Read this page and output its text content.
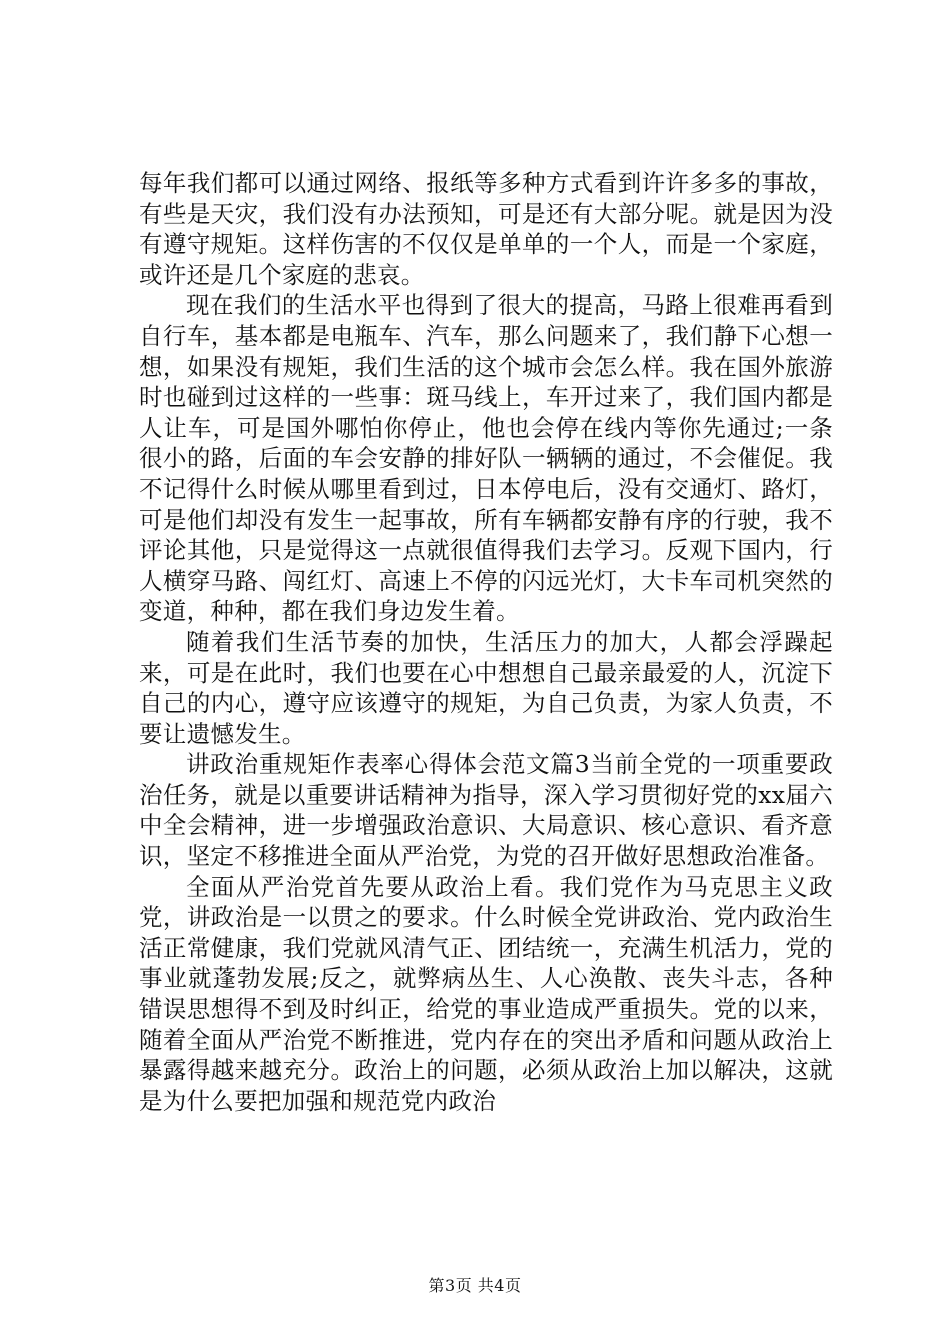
每年我们都可以通过网络、报纸等多种方式看到许许多多的事故，有些是天灾，我们没有办法预知，可是还有大部分呢。就是因为没有遵守规矩。这样伤害的不仅仅是单单的一个人，而是一个家庭，或许还是几个家庭的悲哀。

现在我们的生活水平也得到了很大的提高，马路上很难再看到自行车，基本都是电瓶车、汽车，那么问题来了，我们静下心想一想，如果没有规矩，我们生活的这个城市会怎么样。我在国外旅游时也碰到过这样的一些事：斑马线上，车开过来了，我们国内都是人让车，可是国外哪怕你停止，他也会停在线内等你先通过;一条很小的路，后面的车会安静的排好队一辆辆的通过，不会催促。我不记得什么时候从哪里看到过，日本停电后，没有交通灯、路灯，可是他们却没有发生一起事故，所有车辆都安静有序的行驶，我不评论其他，只是觉得这一点就很值得我们去学习。反观下国内，行人横穿马路、闯红灯、高速上不停的闪远光灯，大卡车司机突然的变道，种种，都在我们身边发生着。

随着我们生活节奏的加快，生活压力的加大，人都会浮躁起来，可是在此时，我们也要在心中想想自己最亲最爱的人，沉淀下自己的内心，遵守应该遵守的规矩，为自己负责，为家人负责，不要让遗憾发生。

讲政治重规矩作表率心得体会范文篇3当前全党的一项重要政治任务，就是以重要讲话精神为指导，深入学习贯彻好党的xx届六中全会精神，进一步增强政治意识、大局意识、核心意识、看齐意识，坚定不移推进全面从严治党，为党的召开做好思想政治准备。

全面从严治党首先要从政治上看。我们党作为马克思主义政党，讲政治是一以贯之的要求。什么时候全党讲政治、党内政治生活正常健康，我们党就风清气正、团结统一，充满生机活力，党的事业就蓬勃发展;反之，就弊病丛生、人心涣散、丧失斗志，各种错误思想得不到及时纠正，给党的事业造成严重损失。党的以来，随着全面从严治党不断推进，党内存在的突出矛盾和问题从政治上暴露得越来越充分。政治上的问题，必须从政治上加以解决，这就是为什么要把加强和规范党内政治

第3页 共4页
